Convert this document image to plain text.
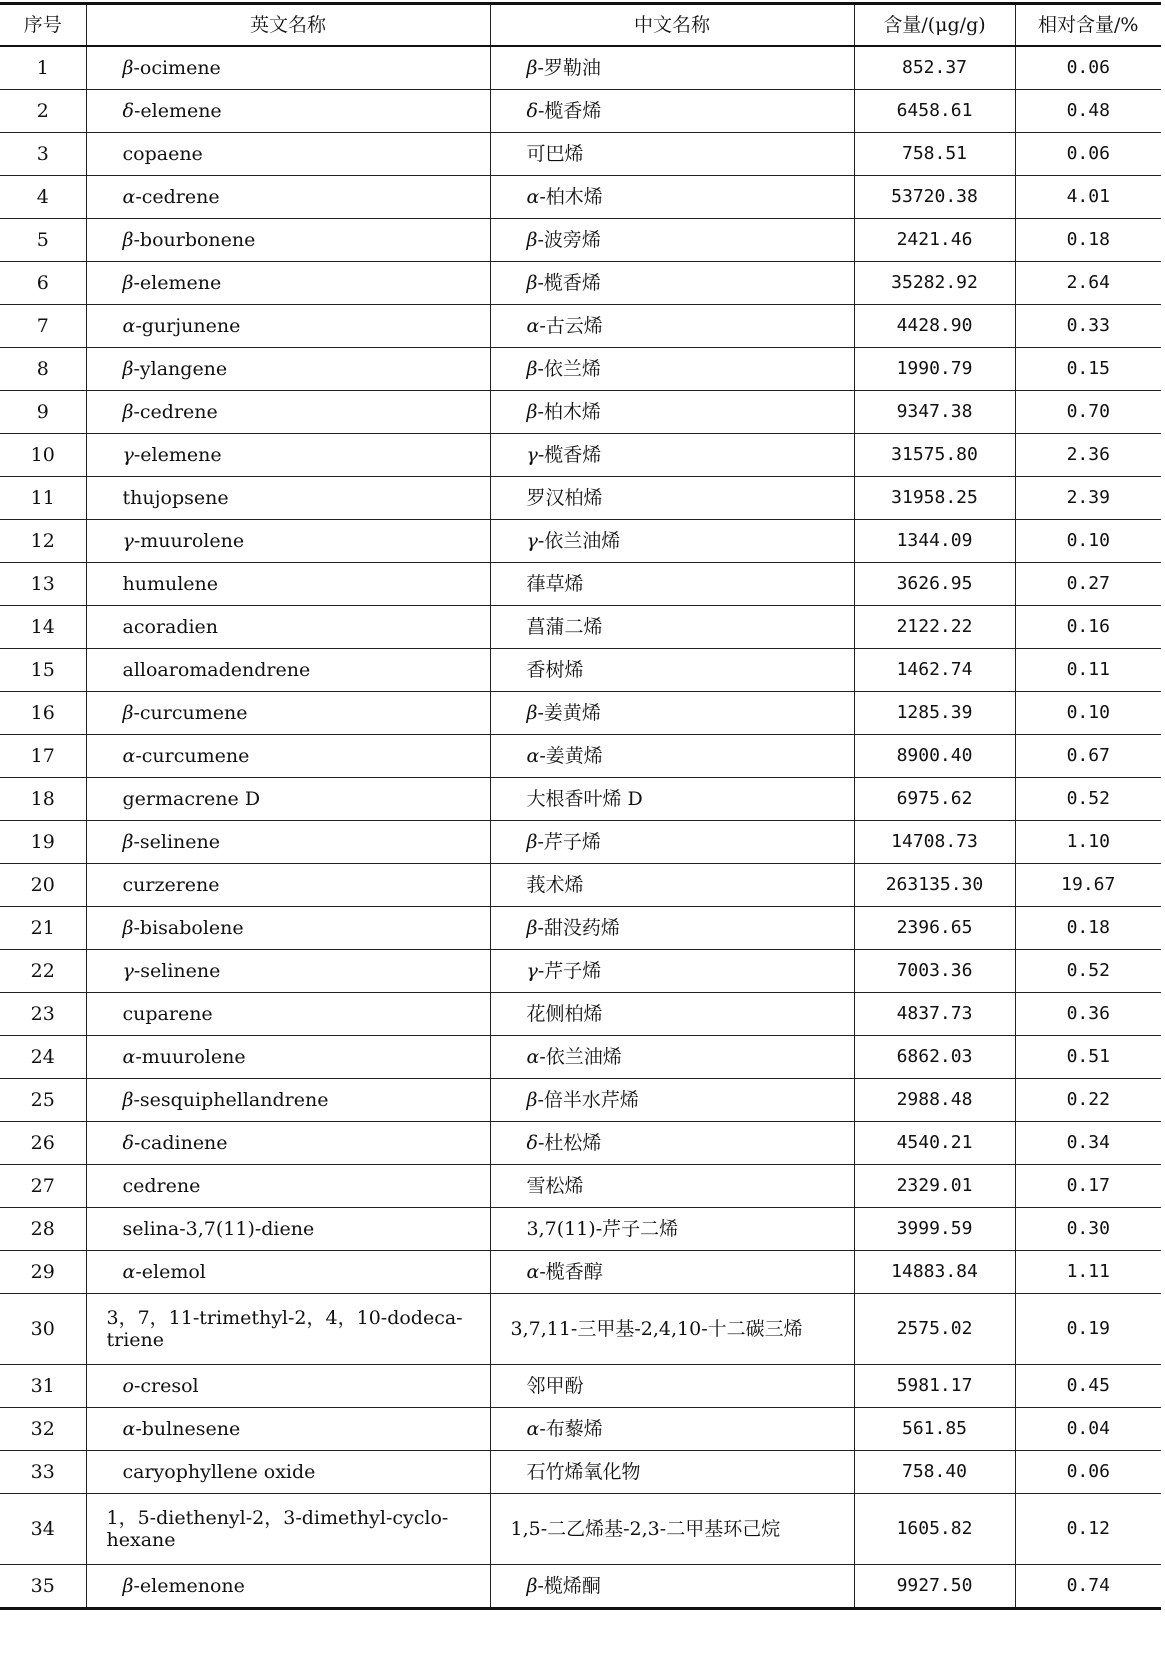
序号	英文名称	中文名称	含量/(μg/g)	相对含量/%
1	β-ocimene	β-罗勒油	852.37	0.06
2	δ-elemene	δ-榄香烯	6458.61	0.48
3	copaene	可巴烯	758.51	0.06
4	α-cedrene	α-柏木烯	53720.38	4.01
5	β-bourbonene	β-波旁烯	2421.46	0.18
6	β-elemene	β-榄香烯	35282.92	2.64
7	α-gurjunene	α-古云烯	4428.90	0.33
8	β-ylangene	β-依兰烯	1990.79	0.15
9	β-cedrene	β-柏木烯	9347.38	0.70
10	γ-elemene	γ-榄香烯	31575.80	2.36
11	thujopsene	罗汉柏烯	31958.25	2.39
12	γ-muurolene	γ-依兰油烯	1344.09	0.10
13	humulene	葎草烯	3626.95	0.27
14	acoradien	菖蒲二烯	2122.22	0.16
15	alloaromadendrene	香树烯	1462.74	0.11
16	β-curcumene	β-姜黄烯	1285.39	0.10
17	α-curcumene	α-姜黄烯	8900.40	0.67
18	germacrene D	大根香叶烯 D	6975.62	0.52
19	β-selinene	β-芹子烯	14708.73	1.10
20	curzerene	莪术烯	263135.30	19.67
21	β-bisabolene	β-甜没药烯	2396.65	0.18
22	γ-selinene	γ-芹子烯	7003.36	0.52
23	cuparene	花侧柏烯	4837.73	0.36
24	α-muurolene	α-依兰油烯	6862.03	0.51
25	β-sesquiphellandrene	β-倍半水芹烯	2988.48	0.22
26	δ-cadinene	δ-杜松烯	4540.21	0.34
27	cedrene	雪松烯	2329.01	0.17
28	selina-3,7(11)-diene	3,7(11)-芹子二烯	3999.59	0.30
29	α-elemol	α-榄香醇	14883.84	1.11
30	3，7，11-trimethyl-2，4，10-dodeca-triene	3,7,11-三甲基-2,4,10-十二碳三烯	2575.02	0.19
31	o-cresol	邻甲酚	5981.17	0.45
32	α-bulnesene	α-布藜烯	561.85	0.04
33	caryophyllene oxide	石竹烯氧化物	758.40	0.06
34	1，5-diethenyl-2，3-dimethyl-cyclo-hexane	1,5-二乙烯基-2,3-二甲基环己烷	1605.82	0.12
35	β-elemenone	β-榄烯酮	9927.50	0.74
